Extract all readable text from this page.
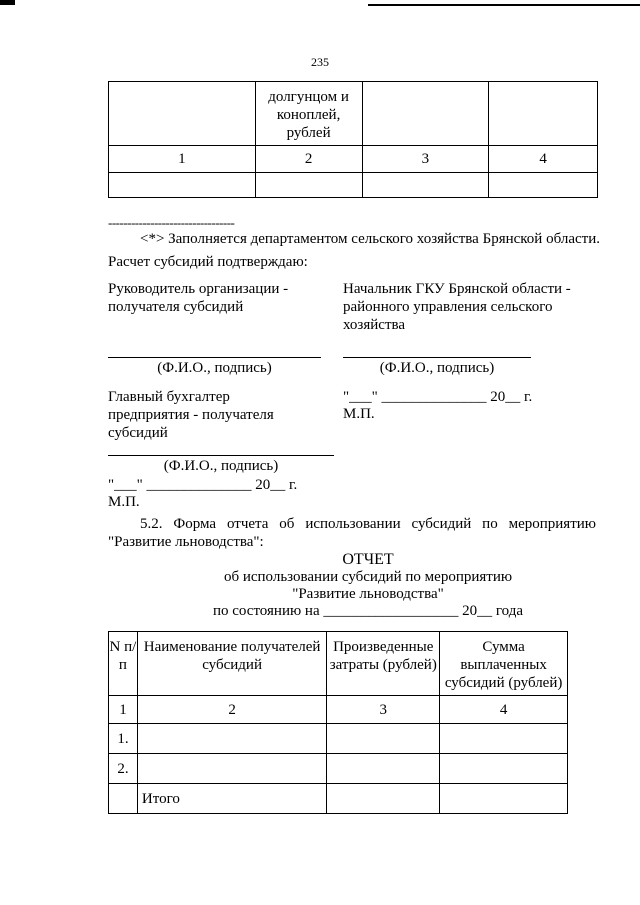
235
	долгунцом и коноплей, рублей		
1	2	3	4

---------------------------------
<*> Заполняется департаментом сельского хозяйства Брянской области.
Расчет субсидий подтверждаю:
Руководитель организации - получателя субсидий
Начальник ГКУ Брянской области - районного управления сельского хозяйства
(Ф.И.О., подпись)	(Ф.И.О., подпись)
Главный бухгалтер предприятия - получателя субсидий
"___" ______________ 20__ г.
М.П.
(Ф.И.О., подпись)
"___" ______________ 20__ г.
М.П.
5.2. Форма отчета об использовании субсидий по мероприятию "Развитие льноводства":
ОТЧЕТ
об использовании субсидий по мероприятию
"Развитие льноводства"
по состоянию на __________________ 20__ года
N п/п	Наименование получателей субсидий	Произведенные затраты (рублей)	Сумма выплаченных субсидий (рублей)
1	2	3	4
1.			
2.			
	Итого		
